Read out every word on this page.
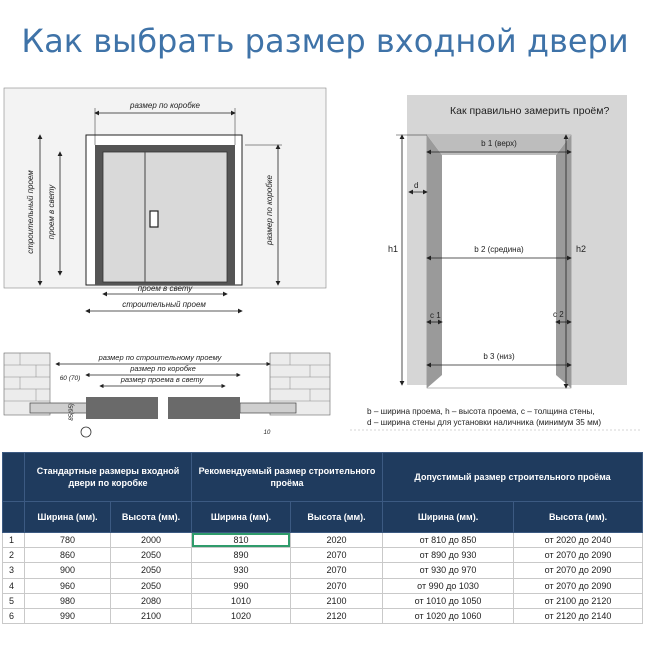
Как выбрать размер входной двери
размер по коробке
строительный проем проем в свету	размер по коробке
проем в свету
строительный проем
размер по строительному проему
размер по коробке
размер проема в свету
60 (70)
85(95)
10
Как правильно замерить проём?
b 1 (верх)
b 2 (средина)
b 3 (низ)
h1	h2
d
c 1	c 2
b – ширина проема, h – высота проема, c – толщина стены,
d – ширина стены для установки наличника (минимум 35 мм)
	Стандартные размеры входной двери по коробке		Рекомендуемый размер строительного проёма		Допустимый размер строительного проёма	
	Ширина (мм).	Высота (мм).	Ширина (мм).	Высота (мм).	Ширина (мм).	Высота (мм).
1	780	2000	810	2020	от 810 до 850	от 2020 до 2040
2	860	2050	890	2070	от 890 до 930	от 2070 до 2090
3	900	2050	930	2070	от 930 до 970	от 2070 до 2090
4	960	2050	990	2070	от 990 до 1030	от 2070 до 2090
5	980	2080	1010	2100	от 1010 до 1050	от 2100 до 2120
6	990	2100	1020	2120	от 1020 до 1060	от 2120 до 2140
